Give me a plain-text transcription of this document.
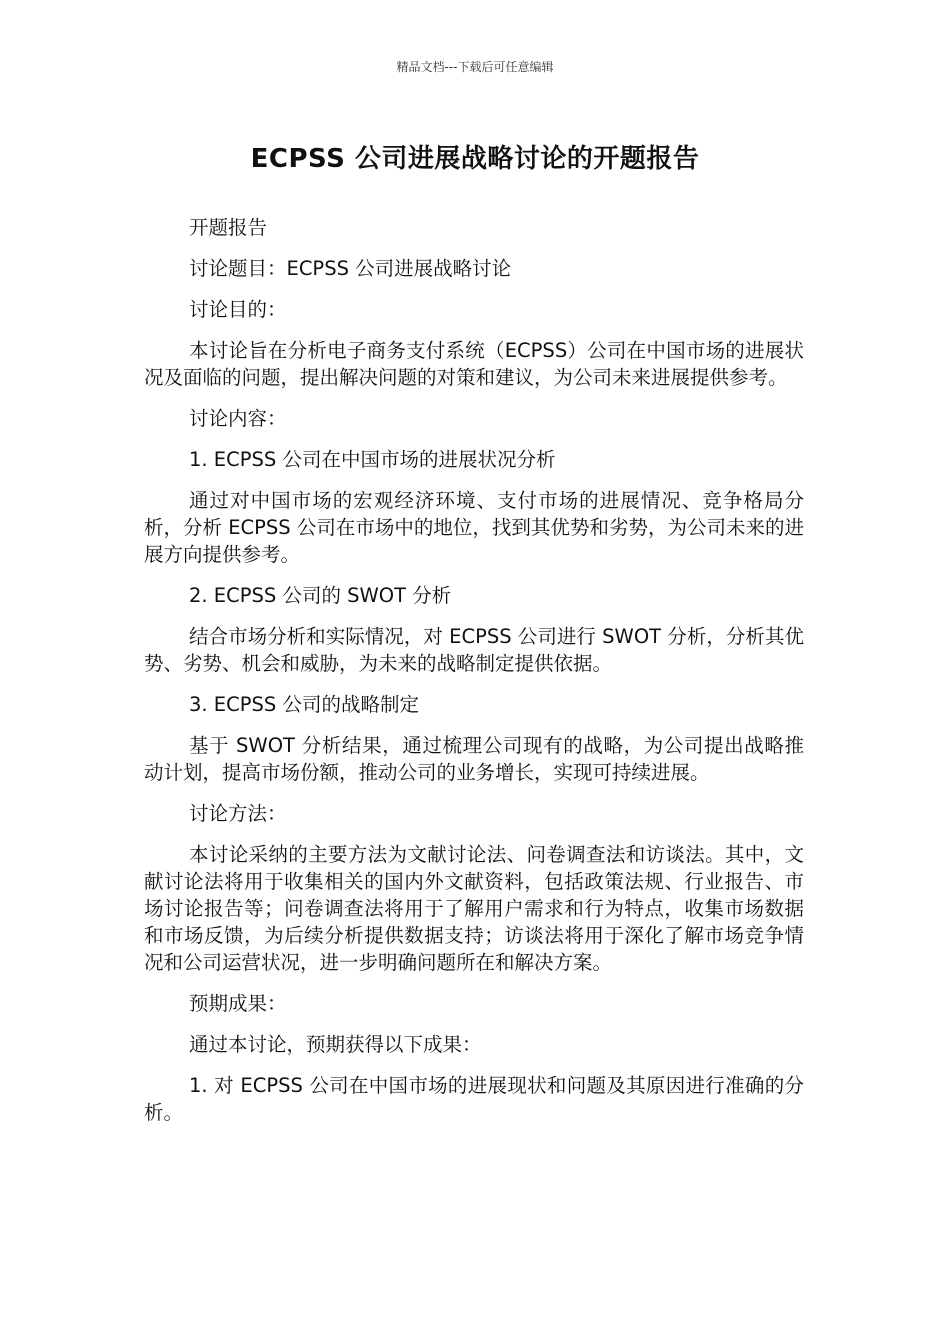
精品文档---下载后可任意编辑
ECPSS 公司进展战略讨论的开题报告

开题报告

讨论题目：ECPSS 公司进展战略讨论

讨论目的：

本讨论旨在分析电子商务支付系统（ECPSS）公司在中国市场的进展状况及面临的问题，提出解决问题的对策和建议，为公司未来进展提供参考。

讨论内容：

1. ECPSS 公司在中国市场的进展状况分析

通过对中国市场的宏观经济环境、支付市场的进展情况、竞争格局分析，分析 ECPSS 公司在市场中的地位，找到其优势和劣势，为公司未来的进展方向提供参考。

2. ECPSS 公司的 SWOT 分析

结合市场分析和实际情况，对 ECPSS 公司进行 SWOT 分析，分析其优势、劣势、机会和威胁，为未来的战略制定提供依据。

3. ECPSS 公司的战略制定

基于 SWOT 分析结果，通过梳理公司现有的战略，为公司提出战略推动计划，提高市场份额，推动公司的业务增长，实现可持续进展。

讨论方法：

本讨论采纳的主要方法为文献讨论法、问卷调查法和访谈法。其中，文献讨论法将用于收集相关的国内外文献资料，包括政策法规、行业报告、市场讨论报告等；问卷调查法将用于了解用户需求和行为特点，收集市场数据和市场反馈，为后续分析提供数据支持；访谈法将用于深化了解市场竞争情况和公司运营状况，进一步明确问题所在和解决方案。

预期成果：

通过本讨论，预期获得以下成果：

1. 对 ECPSS 公司在中国市场的进展现状和问题及其原因进行准确的分析。
